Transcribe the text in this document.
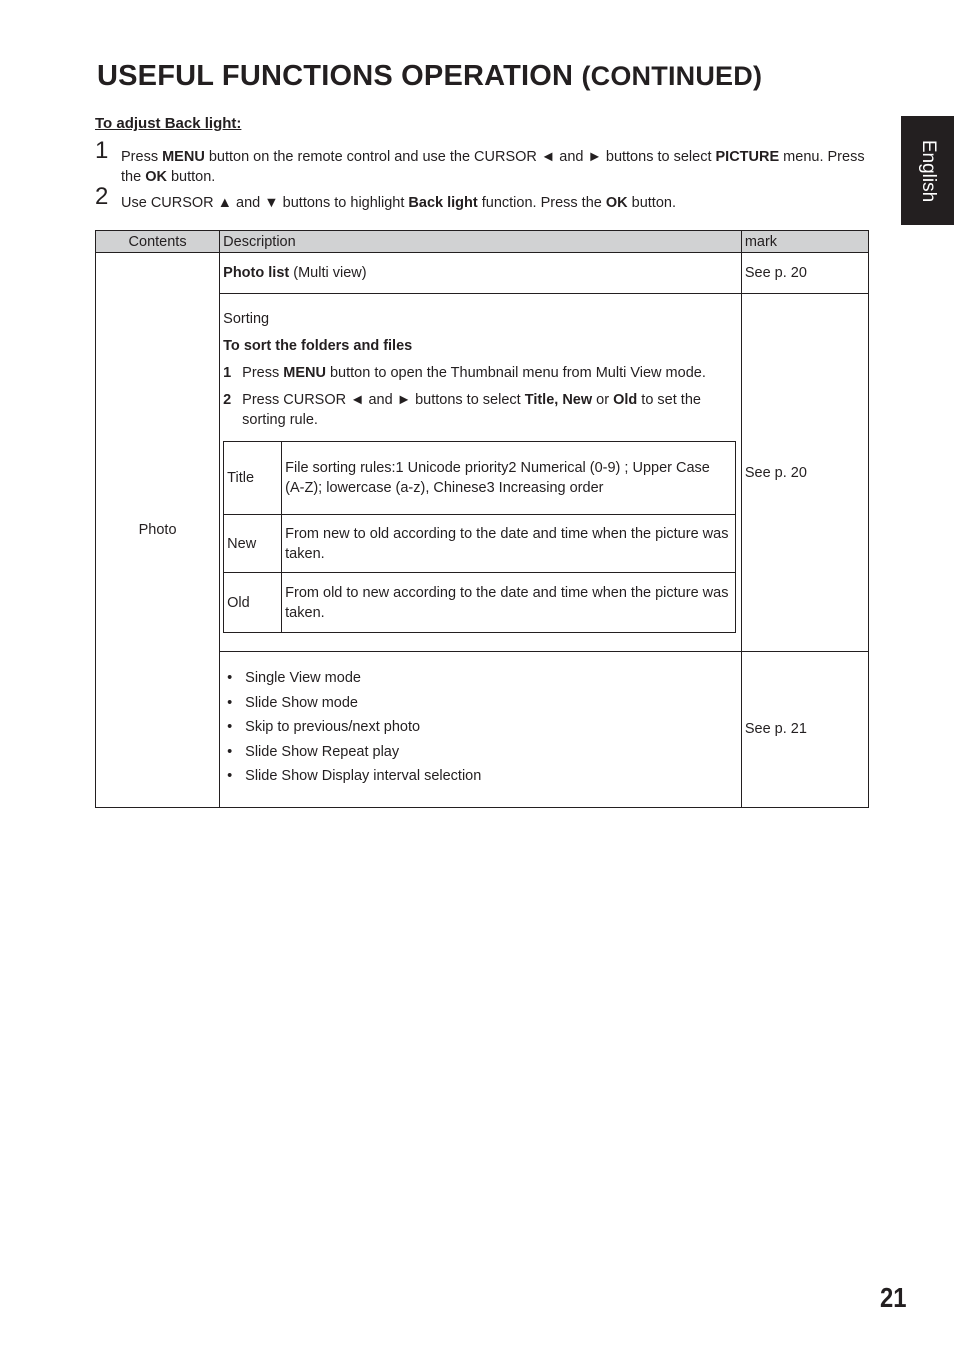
USEFUL FUNCTIONS OPERATION (CONTINUED)
To adjust Back light:
1 Press MENU button on the remote control and use the CURSOR ◄ and ► buttons to select PICTURE menu. Press the OK button.
2 Use CURSOR ▲ and ▼ buttons to highlight Back light function. Press the OK button.
English
Contents	Description	mark
Photo	Photo list (Multi view)	See p. 20

Sorting

To sort the folders and files

1 Press MENU button to open the Thumbnail menu from Multi View mode.
2 Press CURSOR ◄ and ► buttons to select Title, New or Old to set the sorting rule.
Title	File sorting rules:1 Unicode priority2 Numerical (0-9) ; Upper Case (A-Z); lowercase (a-z), Chinese3 Increasing order
New	From new to old according to the date and time when the picture was taken.
Old	From old to new according to the date and time when the picture was taken.
	See p. 20

• Single View mode
• Slide Show mode
• Skip to previous/next photo
• Slide Show Repeat play
• Slide Show Display interval selection
	See p. 21
21
